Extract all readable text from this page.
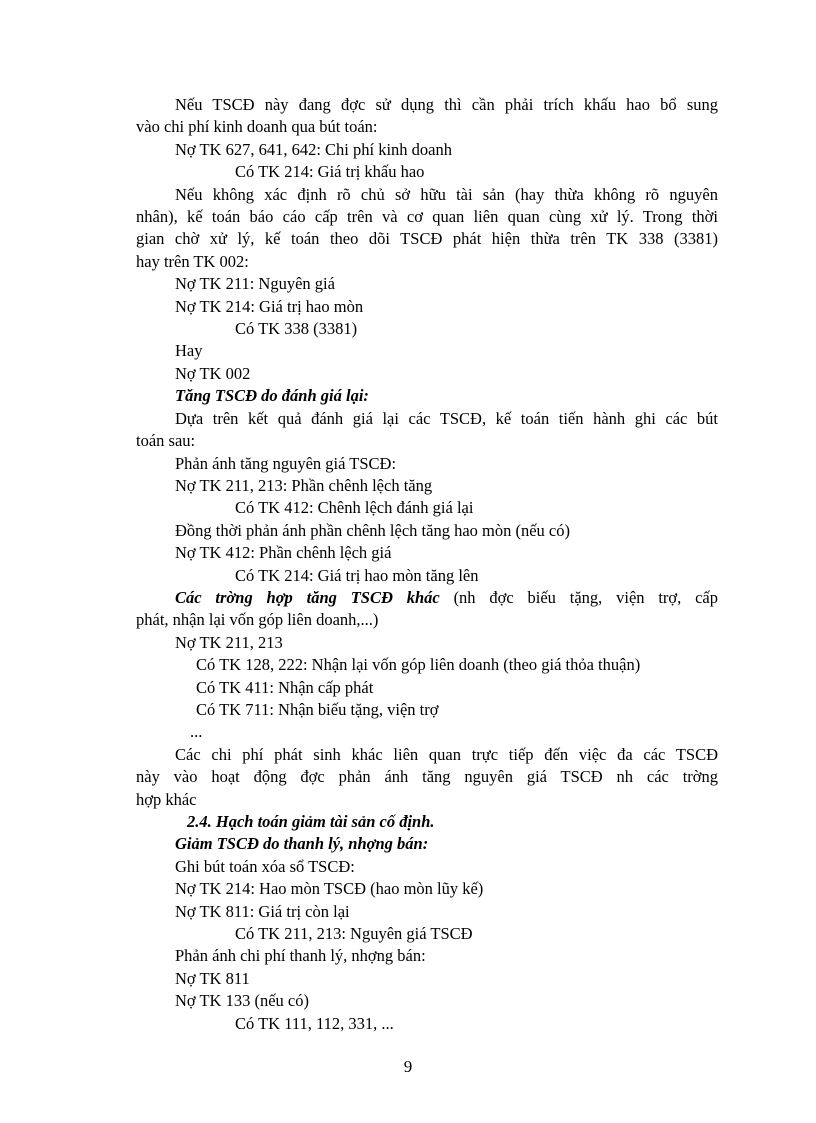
Nếu TSCĐ này đang đợc sử dụng thì cần phải trích khấu hao bổ sung
vào chi phí kinh doanh qua bút toán:
Nợ TK 627, 641, 642: Chi phí kinh doanh
Có TK 214: Giá trị khấu hao
Nếu không xác định rõ chủ sở hữu tài sản (hay thừa không rõ nguyên
nhân), kế toán báo cáo cấp trên và cơ quan liên quan cùng xử lý. Trong thời
gian chờ xử lý, kế toán theo dõi TSCĐ phát hiện thừa trên TK 338 (3381)
hay trên TK 002:
Nợ TK 211: Nguyên giá
Nợ TK 214: Giá trị hao mòn
Có TK 338 (3381)
Hay
Nợ TK 002
Tăng TSCĐ do đánh giá lại:
Dựa trên kết quả đánh giá lại các TSCĐ, kế toán tiến hành ghi các bút
toán sau:
Phản ánh tăng nguyên giá TSCĐ:
Nợ TK 211, 213: Phần chênh lệch tăng
Có TK 412: Chênh lệch đánh giá lại
Đồng thời phản ánh phần chênh lệch tăng hao mòn (nếu có)
Nợ TK 412: Phần chênh lệch giá
Có TK 214: Giá trị hao mòn tăng lên
Các trờng hợp tăng TSCĐ khác (nh đợc biếu tặng, viện trợ, cấp
phát, nhận lại vốn góp liên doanh,...)
Nợ TK 211, 213
Có TK 128, 222: Nhận lại vốn góp liên doanh (theo giá thỏa thuận)
Có TK 411: Nhận cấp phát
Có TK 711: Nhận biếu tặng, viện trợ
...
Các chi phí phát sinh khác liên quan trực tiếp đến việc đa các TSCĐ
này vào hoạt động đợc phản ánh tăng nguyên giá TSCĐ nh các trờng
hợp khác
2.4. Hạch toán giảm tài sản cố định.
Giảm TSCĐ do thanh lý, nhợng bán:
Ghi bút toán xóa sổ TSCĐ:
Nợ TK 214: Hao mòn TSCĐ (hao mòn lũy kế)
Nợ TK 811: Giá trị còn lại
Có TK 211, 213: Nguyên giá TSCĐ
Phản ánh chi phí thanh lý, nhợng bán:
Nợ TK 811
Nợ TK 133 (nếu có)
Có TK 111, 112, 331, ...
9
